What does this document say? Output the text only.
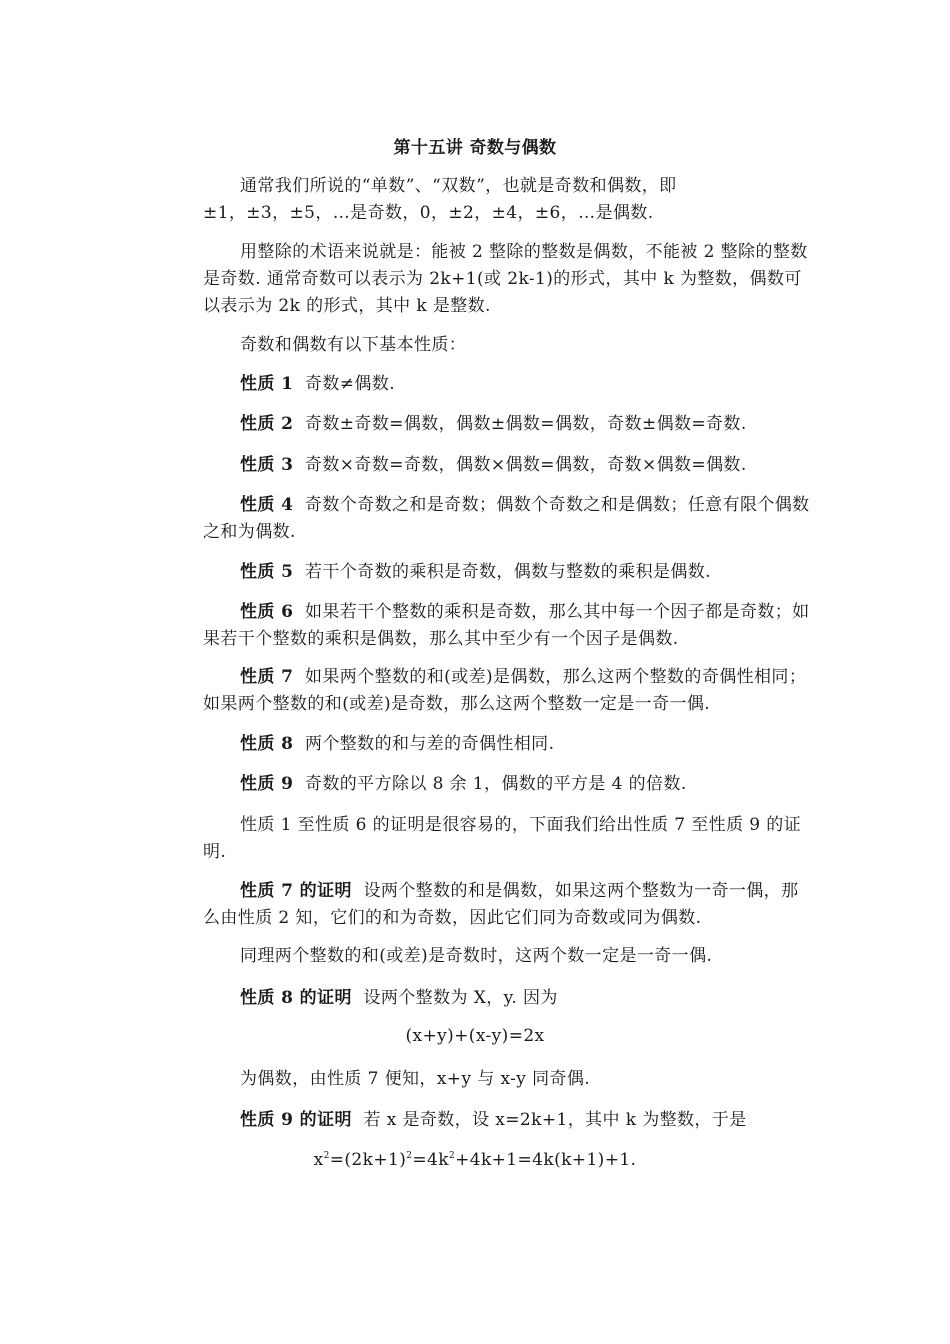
第十五讲 奇数与偶数

通常我们所说的“单数”、“双数”，也就是奇数和偶数，即±1，±3，±5，…是奇数，0，±2，±4，±6，…是偶数.

用整除的术语来说就是：能被 2 整除的整数是偶数，不能被 2 整除的整数是奇数. 通常奇数可以表示为 2k+1(或 2k-1)的形式，其中 k 为整数，偶数可以表示为 2k 的形式，其中 k 是整数.

奇数和偶数有以下基本性质：

性质 1 奇数≠偶数.

性质 2 奇数±奇数=偶数，偶数±偶数=偶数，奇数±偶数=奇数.

性质 3 奇数×奇数=奇数，偶数×偶数=偶数，奇数×偶数=偶数.

性质 4 奇数个奇数之和是奇数；偶数个奇数之和是偶数；任意有限个偶数之和为偶数.

性质 5 若干个奇数的乘积是奇数，偶数与整数的乘积是偶数.

性质 6 如果若干个整数的乘积是奇数，那么其中每一个因子都是奇数；如果若干个整数的乘积是偶数，那么其中至少有一个因子是偶数.

性质 7 如果两个整数的和(或差)是偶数，那么这两个整数的奇偶性相同；如果两个整数的和(或差)是奇数，那么这两个整数一定是一奇一偶.

性质 8 两个整数的和与差的奇偶性相同.

性质 9 奇数的平方除以 8 余 1，偶数的平方是 4 的倍数.

性质 1 至性质 6 的证明是很容易的，下面我们给出性质 7 至性质 9 的证明.

性质 7 的证明 设两个整数的和是偶数，如果这两个整数为一奇一偶，那么由性质 2 知，它们的和为奇数，因此它们同为奇数或同为偶数.

同理两个整数的和(或差)是奇数时，这两个数一定是一奇一偶.

性质 8 的证明 设两个整数为 X，y. 因为

(x+y)+(x-y)=2x

为偶数，由性质 7 便知，x+y 与 x-y 同奇偶.

性质 9 的证明 若 x 是奇数，设 x=2k+1，其中 k 为整数，于是

$x^2=(2k+1)^2=4k^2+4k+1=4k(k+1)+1$.
